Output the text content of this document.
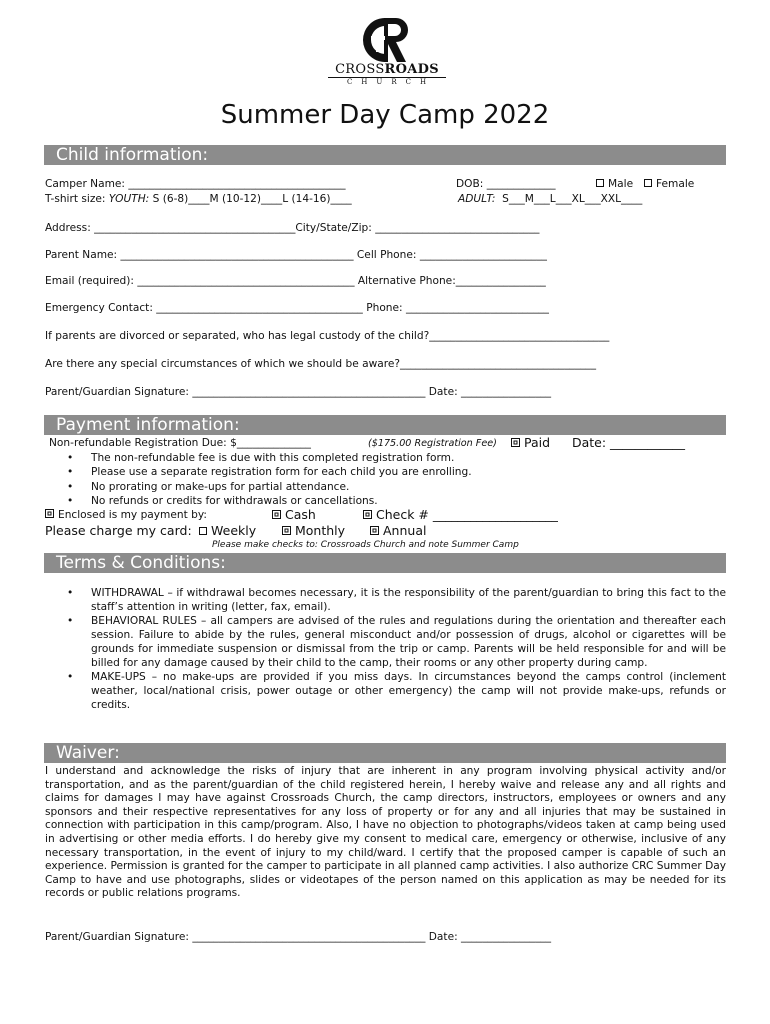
CROSSROADS
CHURCH
Summer Day Camp 2022
Child information:
Camper Name: _________________________________________	DOB: _____________	Male	Female
T-shirt size: YOUTH: S (6-8)____M (10-12)____L (14-16)____	ADULT:  S___M___L___XL___XXL____
Address: ______________________________________City/State/Zip: _______________________________
Parent Name: ____________________________________________ Cell Phone: ________________________
Email (required): _________________________________________ Alternative Phone:_________________
Emergency Contact: _______________________________________ Phone: ___________________________
If parents are divorced or separated, who has legal custody of the child?__________________________________
Are there any special circumstances of which we should be aware?_____________________________________
Parent/Guardian Signature: ____________________________________________ Date: _________________
Payment information:
Non-refundable Registration Due: $______________	($175.00 Registration Fee)	Paid Date: ____________
• The non-refundable fee is due with this completed registration form.
• Please use a separate registration form for each child you are enrolling.
• No prorating or make-ups for partial attendance.
• No refunds or credits for withdrawals or cancellations.
Enclosed is my payment by:	Cash	Check # ____________________
Please charge my card:	Weekly	Monthly	Annual
Please make checks to: Crossroads Church and note Summer Camp
Terms & Conditions:
• WITHDRAWAL – if withdrawal becomes necessary, it is the responsibility of the parent/guardian to bring this fact to the staff’s attention in writing (letter, fax, email).
• BEHAVIORAL RULES – all campers are advised of the rules and regulations during the orientation and thereafter each session. Failure to abide by the rules, general misconduct and/or possession of drugs, alcohol or cigarettes will be grounds for immediate suspension or dismissal from the trip or camp. Parents will be held responsible for and will be billed for any damage caused by their child to the camp, their rooms or any other property during camp.
• MAKE-UPS – no make-ups are provided if you miss days. In circumstances beyond the camps control (inclement weather, local/national crisis, power outage or other emergency) the camp will not provide make-ups, refunds or credits.
Waiver:
I understand and acknowledge the risks of injury that are inherent in any program involving physical activity and/or transportation, and as the parent/guardian of the child registered herein, I hereby waive and release any and all rights and claims for damages I may have against Crossroads Church, the camp directors, instructors, employees or owners and any sponsors and their respective representatives for any loss of property or for any and all injuries that may be sustained in connection with participation in this camp/program. Also, I have no objection to photographs/videos taken at camp being used in advertising or other media efforts. I do hereby give my consent to medical care, emergency or otherwise, inclusive of any necessary transportation, in the event of injury to my child/ward. I certify that the proposed camper is capable of such an experience. Permission is granted for the camper to participate in all planned camp activities. I also authorize CRC Summer Day Camp to have and use photographs, slides or videotapes of the person named on this application as may be needed for its records or public relations programs.
Parent/Guardian Signature: ____________________________________________ Date: _________________
